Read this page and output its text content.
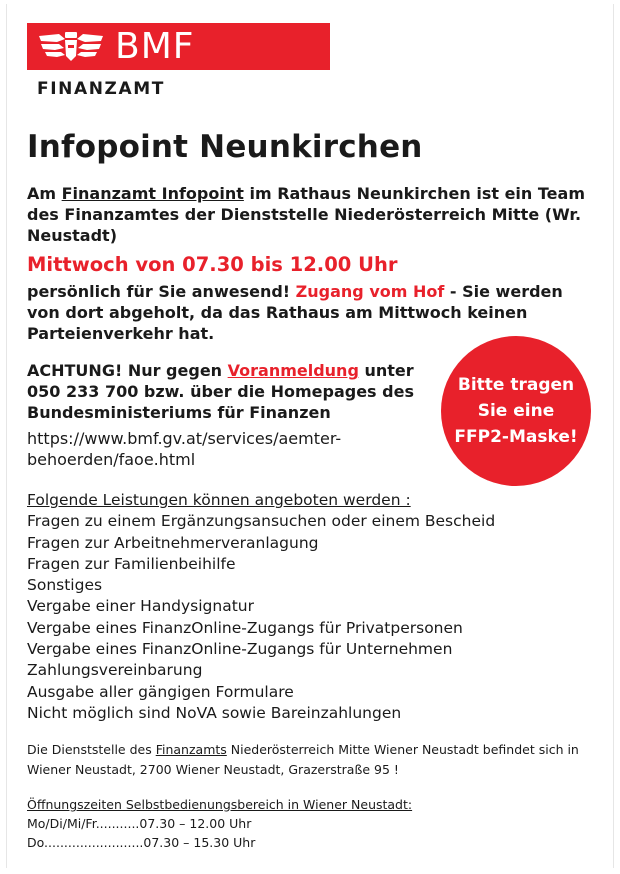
BMF
FINANZAMT
Infopoint Neunkirchen
Am Finanzamt Infopoint im Rathaus Neunkirchen ist ein Team des Finanzamtes der Dienststelle Niederösterreich Mitte (Wr. Neustadt)
Mittwoch von 07.30 bis 12.00 Uhr
persönlich für Sie anwesend! Zugang vom Hof - Sie werden von dort abgeholt, da das Rathaus am Mittwoch keinen Parteienverkehr hat.
ACHTUNG! Nur gegen Voranmeldung unter 050 233 700 bzw. über die Homepages des Bundesministeriums für Finanzen
https://www.bmf.gv.at/services/aemter-behoerden/faoe.html
Bitte tragen Sie eine FFP2-Maske!
Folgende Leistungen können angeboten werden :
Fragen zu einem Ergänzungsansuchen oder einem Bescheid
Fragen zur Arbeitnehmerveranlagung
Fragen zur Familienbeihilfe
Sonstiges
Vergabe einer Handysignatur
Vergabe eines FinanzOnline-Zugangs für Privatpersonen
Vergabe eines FinanzOnline-Zugangs für Unternehmen
Zahlungsvereinbarung
Ausgabe aller gängigen Formulare
Nicht möglich sind NoVA sowie Bareinzahlungen
Die Dienststelle des Finanzamts Niederösterreich Mitte Wiener Neustadt befindet sich in Wiener Neustadt, 2700 Wiener Neustadt, Grazerstraße 95 !
Öffnungszeiten Selbstbedienungsbereich in Wiener Neustadt:
Mo/Di/Mi/Fr...........07.30 – 12.00 Uhr
Do.........................07.30 – 15.30 Uhr
